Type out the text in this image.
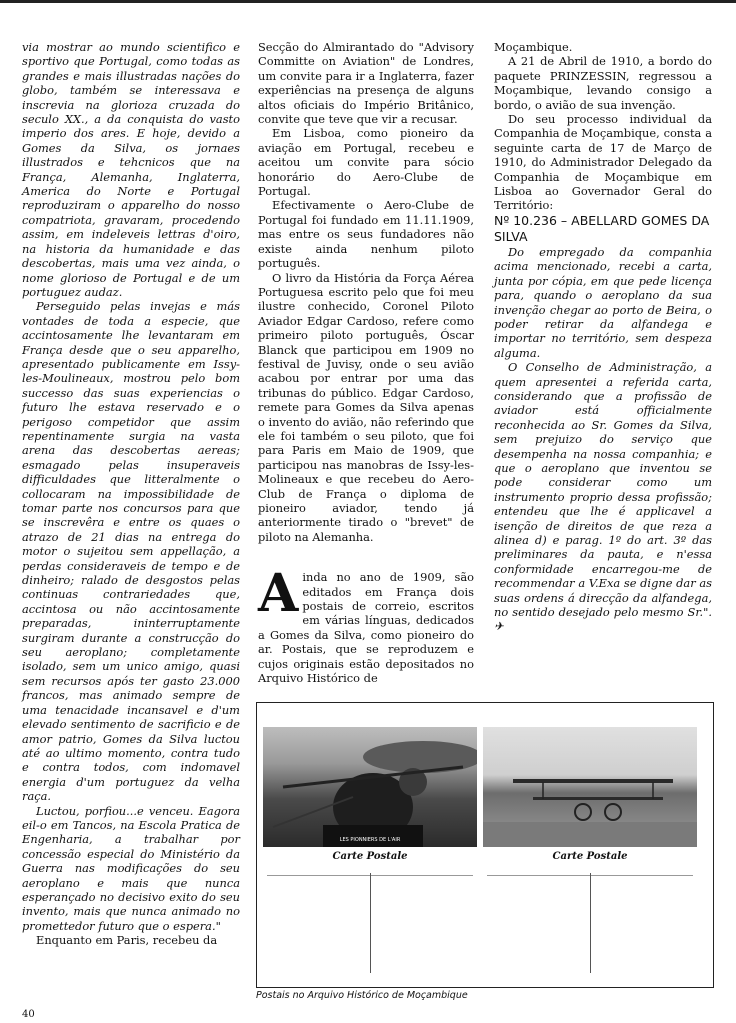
via mostrar ao mundo scientifico e sportivo que Portugal, como todas as grandes e mais illustradas nações do globo, também se interessava e inscrevia na glorioza cruzada do seculo XX., a da conquista do vasto imperio dos ares. E hoje, devido a Gomes da Silva, os jornaes illustrados e tehcnicos que na França, Alemanha, Inglaterra, America do Norte e Portugal reproduziram o apparelho do nosso compatriota, gravaram, procedendo assim, em indeleveis lettras d'oiro, na historia da humanidade e das descobertas, mais uma vez ainda, o nome glorioso de Portugal e de um portuguez audaz.

Perseguido pelas invejas e más vontades de toda a especie, que accintosamente lhe levantaram em França desde que o seu apparelho, apresentado publicamente em Issy-les-Moulineaux, mostrou pelo bom successo das suas experiencias o futuro lhe estava reservado e o perigoso competidor que assim repentinamente surgia na vasta arena das descobertas aereas; esmagado pelas insuperaveis difficuldades que litteralmente o collocaram na impossibilidade de tomar parte nos concursos para que se inscrevêra e entre os quaes o atrazo de 21 dias na entrega do motor o sujeitou sem appellação, a perdas consideraveis de tempo e de dinheiro; ralado de desgostos pelas continuas contrariedades que, accintosa ou não accintosamente preparadas, ininterruptamente surgiram durante a construcção do seu aeroplano; completamente isolado, sem um unico amigo, quasi sem recursos após ter gasto 23.000 francos, mas animado sempre de uma tenacidade incansavel e d'um elevado sentimento de sacrificio e de amor patrio, Gomes da Silva luctou até ao ultimo momento, contra tudo e contra todos, com indomavel energia d'um portuguez da velha raça.

Luctou, porfiou...e venceu. Eagora eil-o em Tancos, na Escola Pratica de Engenharia, a trabalhar por concessão especial do Ministério da Guerra nas modificações do seu aeroplano e mais que nunca esperançado no decisivo exito do seu invento, mais que nunca animado no promettedor futuro que o espera."

Enquanto em Paris, recebeu da

Secção do Almirantado do "Advisory Committe on Aviation" de Londres, um convite para ir a Inglaterra, fazer experiências na presença de alguns altos oficiais do Império Britânico, convite que teve que vir a recusar.

Em Lisboa, como pioneiro da aviação em Portugal, recebeu e aceitou um convite para sócio honorário do Aero-Clube de Portugal.

Efectivamente o Aero-Clube de Portugal foi fundado em 11.11.1909, mas entre os seus fundadores não existe ainda nenhum piloto português.

O livro da História da Força Aérea Portuguesa escrito pelo que foi meu ilustre conhecido, Coronel Piloto Aviador Edgar Cardoso, refere como primeiro piloto português, Óscar Blanck que participou em 1909 no festival de Juvisy, onde o seu avião acabou por entrar por uma das tribunas do público. Edgar Cardoso, remete para Gomes da Silva apenas o invento do avião, não referindo que ele foi também o seu piloto, que foi para Paris em Maio de 1909, que participou nas manobras de Issy-les-Molineaux e que recebeu do Aero-Club de França o diploma de pioneiro aviador, tendo já anteriormente tirado o "brevet" de piloto na Alemanha.

Ainda no ano de 1909, são editados em França dois postais de correio, escritos em várias línguas, dedicados a Gomes da Silva, como pioneiro do ar. Postais, que se reproduzem e cujos originais estão depositados no Arquivo Histórico de

Moçambique.

A 21 de Abril de 1910, a bordo do paquete PRINZESSIN, regressou a Moçambique, levando consigo a bordo, o avião de sua invenção.

Do seu processo individual da Companhia de Moçambique, consta a seguinte carta de 17 de Março de 1910, do Administrador Delegado da Companhia de Moçambique em Lisboa ao Governador Geral do Território:

Nº 10.236 – ABELLARD GOMES DA SILVA

Do empregado da companhia acima mencionado, recebi a carta, junta por cópia, em que pede licença para, quando o aeroplano da sua invenção chegar ao porto de Beira, o poder retirar da alfandega e importar no território, sem despeza alguma.

O Conselho de Administração, a quem apresentei a referida carta, considerando que a profissão de aviador está officialmente reconhecida ao Sr. Gomes da Silva, sem prejuizo do serviço que desempenha na nossa companhia; e que o aeroplano que inventou se pode considerar como um instrumento proprio dessa profissão; entendeu que lhe é applicavel a isenção de direitos de que reza a alinea d) e parag. 1º do art. 3º das preliminares da pauta, e n'essa conformidade encarregou-me de recommendar a V.Exa se digne dar as suas ordens á direcção da alfandega, no sentido desejado pelo mesmo Sr.".✈

LES PIONNIERS DE L'AIR
Carte Postale	Carte Postale
Postais no Arquivo Histórico de Moçambique
40
